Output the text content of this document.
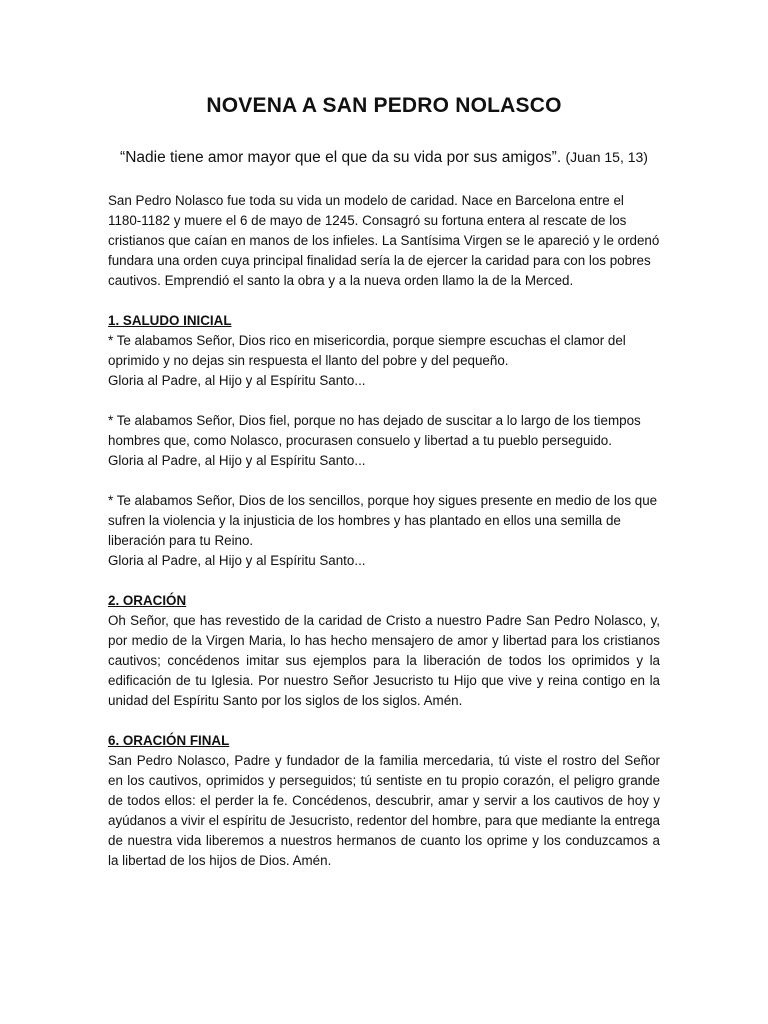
NOVENA A SAN PEDRO NOLASCO

“Nadie tiene amor mayor que el que da su vida por sus amigos”. (Juan 15, 13)

San Pedro Nolasco fue toda su vida un modelo de caridad. Nace en Barcelona entre el 1180-1182 y muere el 6 de mayo de 1245. Consagró su fortuna entera al rescate de los cristianos que caían en manos de los infieles. La Santísima Virgen se le apareció y le ordenó fundara una orden cuya principal finalidad sería la de ejercer la caridad para con los pobres cautivos. Emprendió el santo la obra y a la nueva orden llamo la de la Merced.

1. SALUDO INICIAL

* Te alabamos Señor, Dios rico en misericordia, porque siempre escuchas el clamor del oprimido y no dejas sin respuesta el llanto del pobre y del pequeño.

Gloria al Padre, al Hijo y al Espíritu Santo...

* Te alabamos Señor, Dios fiel, porque no has dejado de suscitar a lo largo de los tiempos hombres que, como Nolasco, procurasen consuelo y libertad a tu pueblo perseguido.

Gloria al Padre, al Hijo y al Espíritu Santo...

* Te alabamos Señor, Dios de los sencillos, porque hoy sigues presente en medio de los que sufren la violencia y la injusticia de los hombres y has plantado en ellos una semilla de liberación para tu Reino.

Gloria al Padre, al Hijo y al Espíritu Santo...

2. ORACIÓN

Oh Señor, que has revestido de la caridad de Cristo a nuestro Padre San Pedro Nolasco, y, por medio de la Virgen Maria, lo has hecho mensajero de amor y libertad para los cristianos cautivos; concédenos imitar sus ejemplos para la liberación de todos los oprimidos y la edificación de tu Iglesia. Por nuestro Señor Jesucristo tu Hijo que vive y reina contigo en la unidad del Espíritu Santo por los siglos de los siglos. Amén.

6. ORACIÓN FINAL

San Pedro Nolasco, Padre y fundador de la familia mercedaria, tú viste el rostro del Señor en los cautivos, oprimidos y perseguidos; tú sentiste en tu propio corazón, el peligro grande de todos ellos: el perder la fe. Concédenos, descubrir, amar y servir a los cautivos de hoy y ayúdanos a vivir el espíritu de Jesucristo, redentor del hombre, para que mediante la entrega de nuestra vida liberemos a nuestros hermanos de cuanto los oprime y los conduzcamos a la libertad de los hijos de Dios. Amén.
